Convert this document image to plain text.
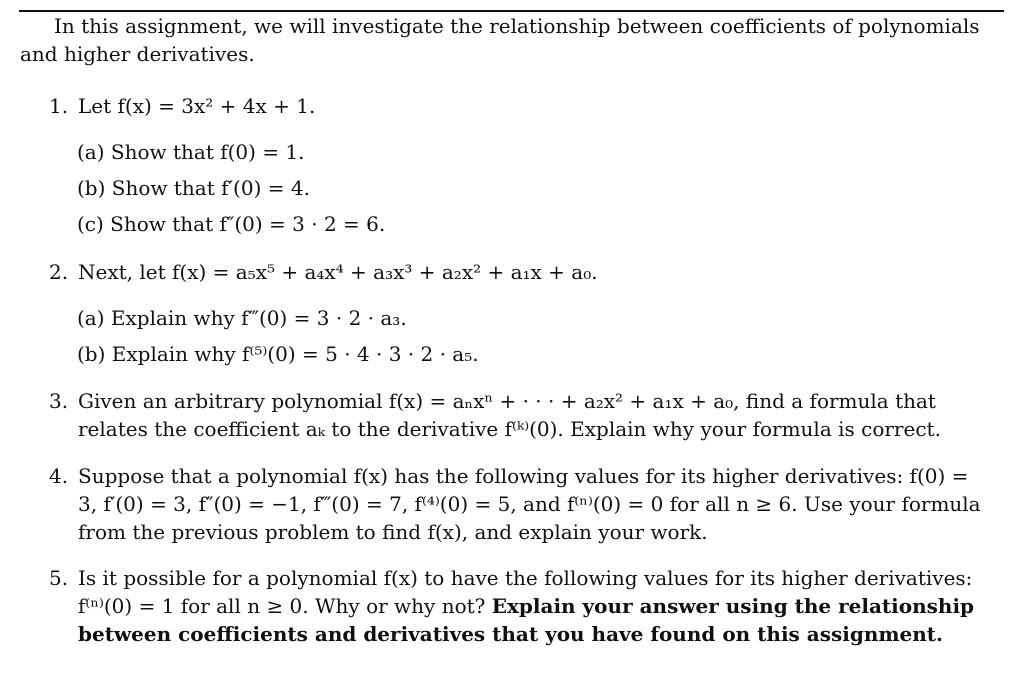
In this assignment, we will investigate the relationship between coefficients of polynomials and higher derivatives.

1. Let f(x) = 3x² + 4x + 1.
(a) Show that f(0) = 1.
(b) Show that f′(0) = 4.
(c) Show that f″(0) = 3 · 2 = 6.
2. Next, let f(x) = a₅x⁵ + a₄x⁴ + a₃x³ + a₂x² + a₁x + a₀.
(a) Explain why f‴(0) = 3 · 2 · a₃.
(b) Explain why f⁽⁵⁾(0) = 5 · 4 · 3 · 2 · a₅.
3. Given an arbitrary polynomial f(x) = aₙxⁿ + · · · + a₂x² + a₁x + a₀, find a formula that relates the coefficient aₖ to the derivative f⁽ᵏ⁾(0). Explain why your formula is correct.
4. Suppose that a polynomial f(x) has the following values for its higher derivatives: f(0) = 3, f′(0) = 3, f″(0) = −1, f‴(0) = 7, f⁽⁴⁾(0) = 5, and f⁽ⁿ⁾(0) = 0 for all n ≥ 6. Use your formula from the previous problem to find f(x), and explain your work.
5. Is it possible for a polynomial f(x) to have the following values for its higher derivatives: f⁽ⁿ⁾(0) = 1 for all n ≥ 0. Why or why not? Explain your answer using the relationship between coefficients and derivatives that you have found on this assignment.
